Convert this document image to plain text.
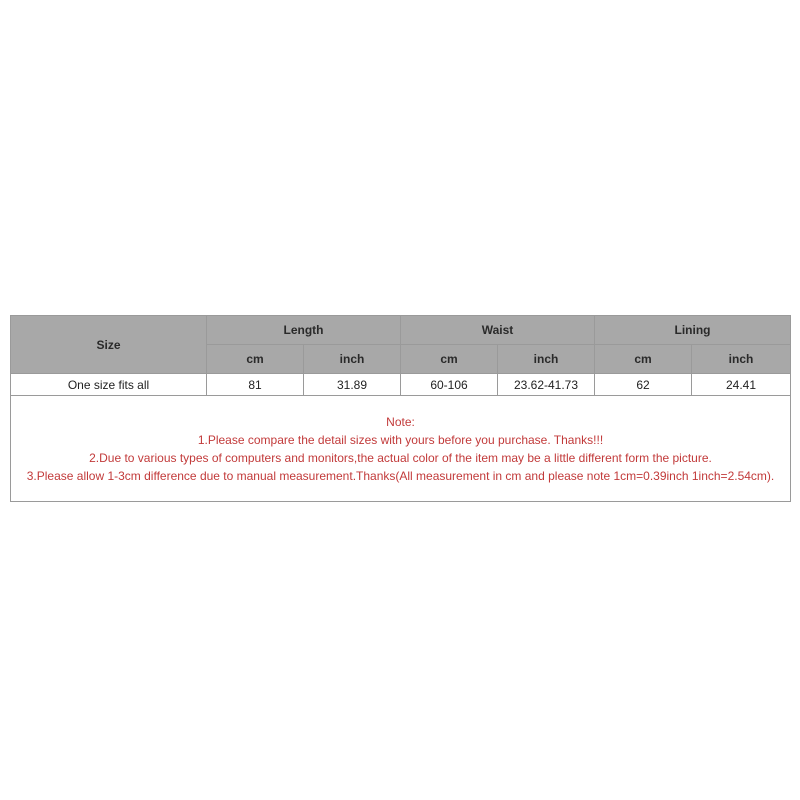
Size	Length		Waist		Lining	
	cm	inch	cm	inch	cm	inch
One size fits all	81	31.89	60-106	23.62-41.73	62	24.41

Note:
1.Please compare the detail sizes with yours before you purchase. Thanks!!!
2.Due to various types of computers and monitors,the actual color of the item may be a little different form the picture.
3.Please allow 1-3cm difference due to manual measurement.Thanks(All measurement in cm and please note 1cm=0.39inch 1inch=2.54cm).						
